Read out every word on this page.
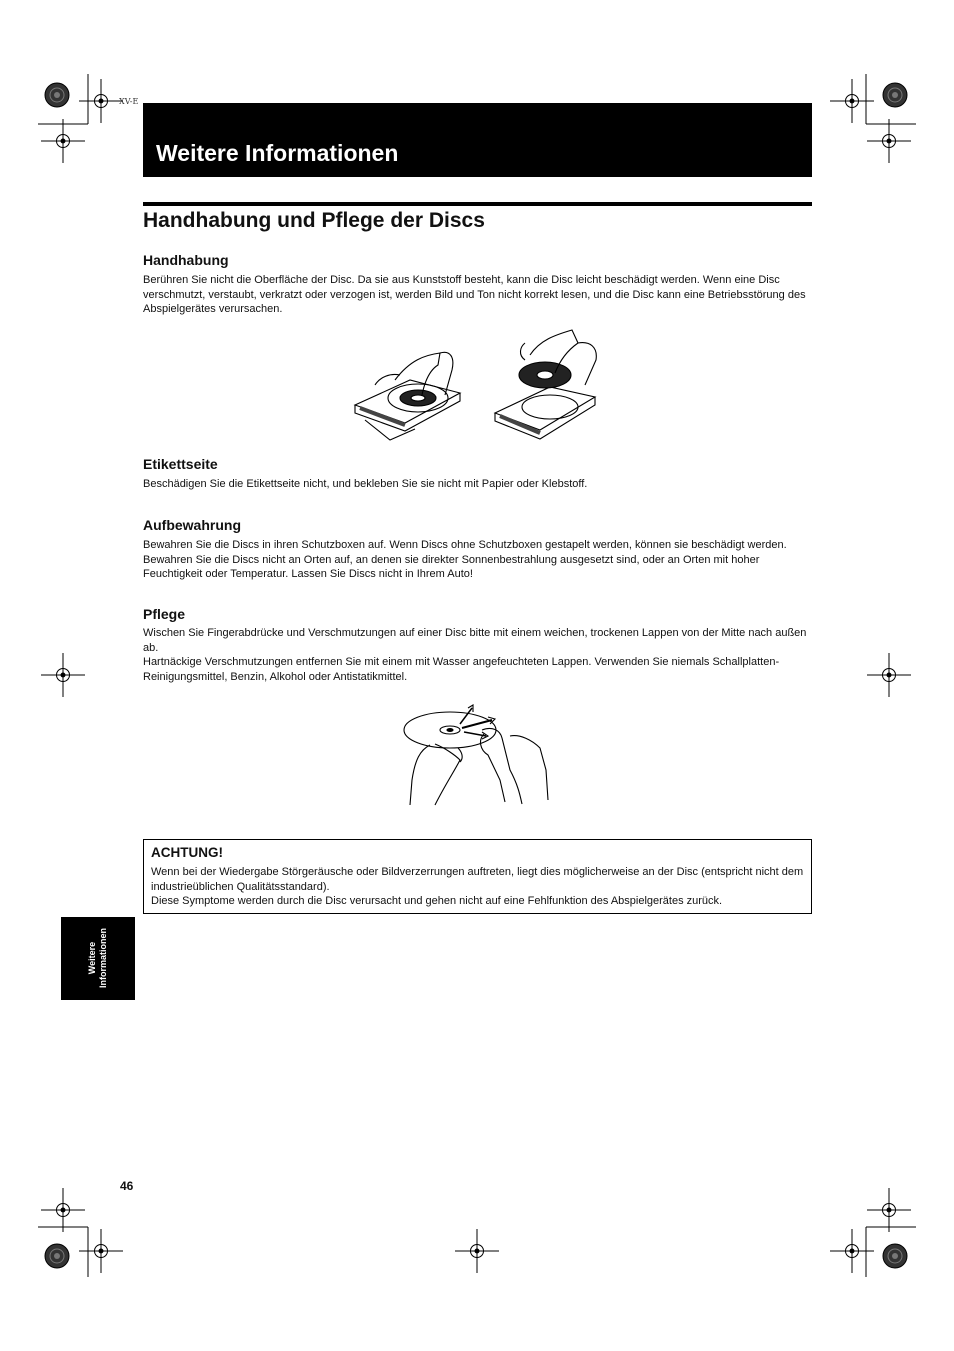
XV-E
Weitere Informationen
Handhabung und Pflege der Discs
Handhabung

Berühren Sie nicht die Oberfläche der Disc. Da sie aus Kunststoff besteht, kann die Disc leicht beschädigt werden. Wenn eine Disc verschmutzt, verstaubt, verkratzt oder verzogen ist, werden Bild und Ton nicht korrekt lesen, und die Disc kann eine Betriebsstörung des Abspielgerätes verursachen.

Etikettseite

Beschädigen Sie die Etikettseite nicht, und bekleben Sie sie nicht mit Papier oder Klebstoff.

Aufbewahrung

Bewahren Sie die Discs in ihren Schutzboxen auf. Wenn Discs ohne Schutzboxen gestapelt werden, können sie beschädigt werden. Bewahren Sie die Discs nicht an Orten auf, an denen sie direkter Sonnenbestrahlung ausgesetzt sind, oder an Orten mit hoher Feuchtigkeit oder Temperatur. Lassen Sie Discs nicht in Ihrem Auto!

Pflege

Wischen Sie Fingerabdrücke und Verschmutzungen auf einer Disc bitte mit einem weichen, trockenen Lappen von der Mitte nach außen ab.

Hartnäckige Verschmutzungen entfernen Sie mit einem mit Wasser angefeuchteten Lappen. Verwenden Sie niemals Schallplatten-Reinigungsmittel, Benzin, Alkohol oder Antistatikmittel.

ACHTUNG!
Wenn bei der Wiedergabe Störgeräusche oder Bildverzerrungen auftreten, liegt dies möglicherweise an der Disc (entspricht nicht dem industrieüblichen Qualitätsstandard).
Diese Symptome werden durch die Disc verursacht und gehen nicht auf eine Fehlfunktion des Abspielgerätes zurück.

Weitere
Informationen

46
